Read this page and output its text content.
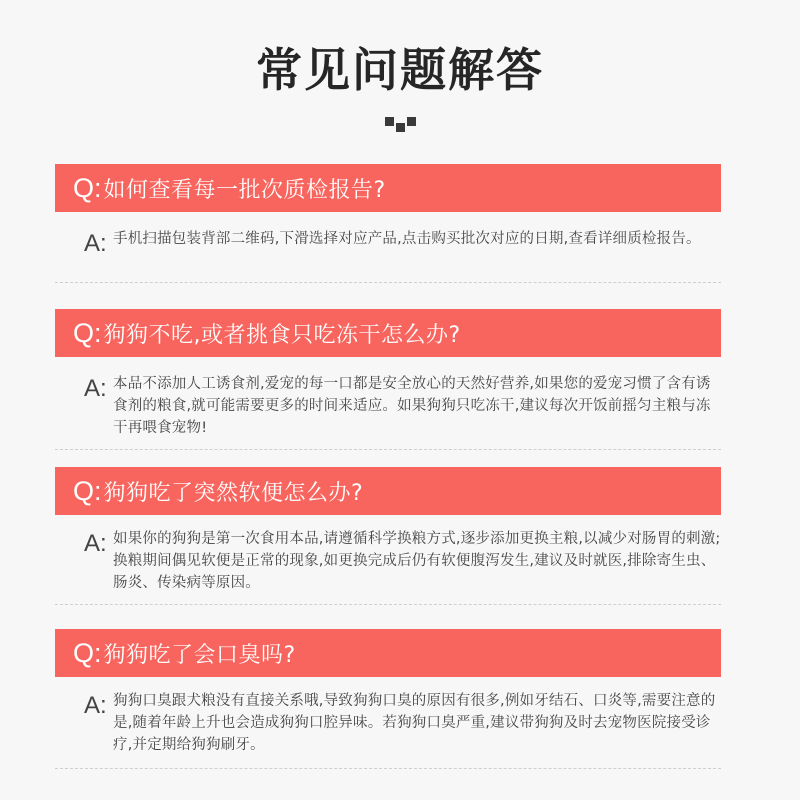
常见问题解答
Q: 如何查看每一批次质检报告?
A: 手机扫描包装背部二维码,下滑选择对应产品,点击购买批次对应的日期,查看详细质检报告。
Q: 狗狗不吃,或者挑食只吃冻干怎么办?
A: 本品不添加人工诱食剂,爱宠的每一口都是安全放心的天然好营养,如果您的爱宠习惯了含有诱食剂的粮食,就可能需要更多的时间来适应。如果狗狗只吃冻干,建议每次开饭前摇匀主粮与冻干再喂食宠物!
Q: 狗狗吃了突然软便怎么办?
A: 如果你的狗狗是第一次食用本品,请遵循科学换粮方式,逐步添加更换主粮,以减少对肠胃的刺激;换粮期间偶见软便是正常的现象,如更换完成后仍有软便腹泻发生,建议及时就医,排除寄生虫、肠炎、传染病等原因。
Q: 狗狗吃了会口臭吗?
A: 狗狗口臭跟犬粮没有直接关系哦,导致狗狗口臭的原因有很多,例如牙结石、口炎等,需要注意的是,随着年龄上升也会造成狗狗口腔异味。若狗狗口臭严重,建议带狗狗及时去宠物医院接受诊疗,并定期给狗狗刷牙。
